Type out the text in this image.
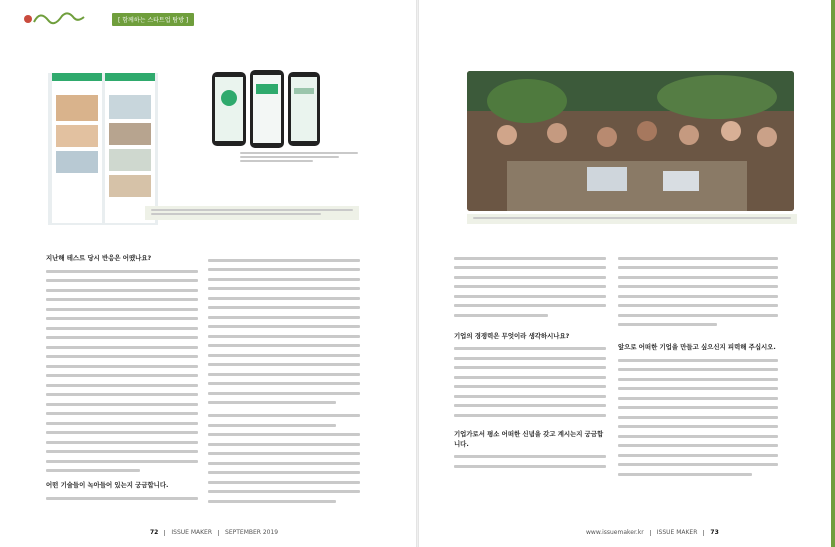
[ 함께하는 스타트업 탐방 ]
지난해 테스트 당시 반응은 어땠나요?
어떤 기술들이 녹아들어 있는지 궁금합니다.
72 ISSUE MAKER SEPTEMBER 2019
기업의 경쟁력은 무엇이라 생각하시나요?
기업가로서 평소 어떠한 신념을 갖고 계시는지 궁금합니다.
앞으로 어떠한 기업을 만들고 싶으신지 피력해 주십시오.
www.issuemaker.kr ISSUE MAKER 73
